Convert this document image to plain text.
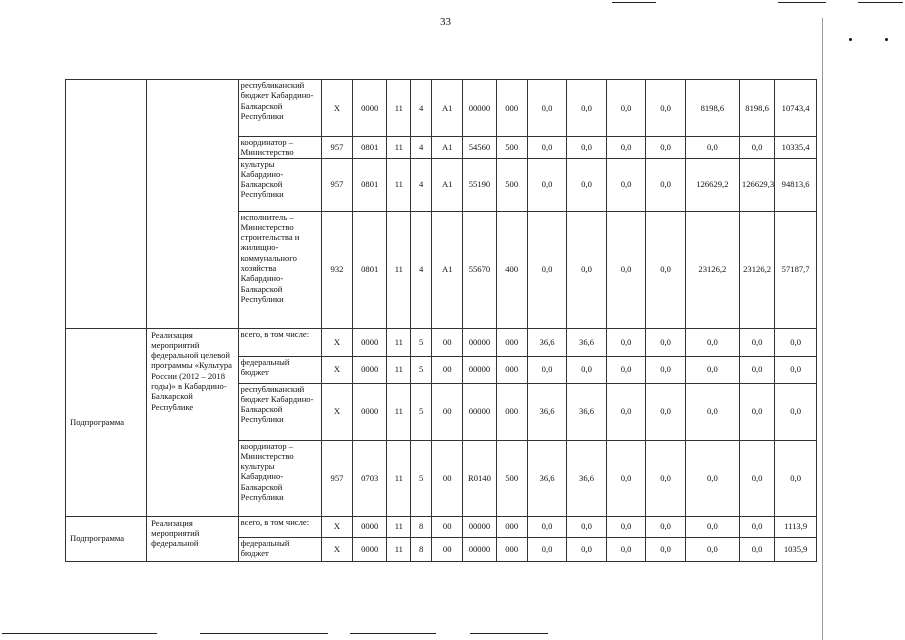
33
		республиканский бюджет Кабардино-Балкарской Республики	X	0000	11	4	A1	00000	000	0,0	0,0	0,0	0,0	8198,6	8198,6	10743,4
		координатор – Министерство	957	0801	11	4	A1	54560	500	0,0	0,0	0,0	0,0	0,0	0,0	10335,4
		культуры Кабардино-Балкарской Республики	957	0801	11	4	A1	55190	500	0,0	0,0	0,0	0,0	126629,2	126629,3	94813,6
		исполнитель – Министерство строительства и жилищно-коммунального хозяйства Кабардино-Балкарской Республики	932	0801	11	4	A1	55670	400	0,0	0,0	0,0	0,0	23126,2	23126,2	57187,7
Подпрограмма	Реализация мероприятий федеральной целевой программы «Культура России (2012 – 2018 годы)» в Кабардино-Балкарской Республике	всего, в том числе:	X	0000	11	5	00	00000	000	36,6	36,6	0,0	0,0	0,0	0,0	0,0
		федеральный бюджет	X	0000	11	5	00	00000	000	0,0	0,0	0,0	0,0	0,0	0,0	0,0
		республиканский бюджет Кабардино-Балкарской Республики	X	0000	11	5	00	00000	000	36,6	36,6	0,0	0,0	0,0	0,0	0,0
		координатор – Министерство культуры Кабардино-Балкарской Республики	957	0703	11	5	00	R0140	500	36,6	36,6	0,0	0,0	0,0	0,0	0,0
Подпрограмма	Реализация мероприятий федеральной	всего, в том числе:	X	0000	11	8	00	00000	000	0,0	0,0	0,0	0,0	0,0	0,0	1113,9
		федеральный бюджет	X	0000	11	8	00	00000	000	0,0	0,0	0,0	0,0	0,0	0,0	1035,9
